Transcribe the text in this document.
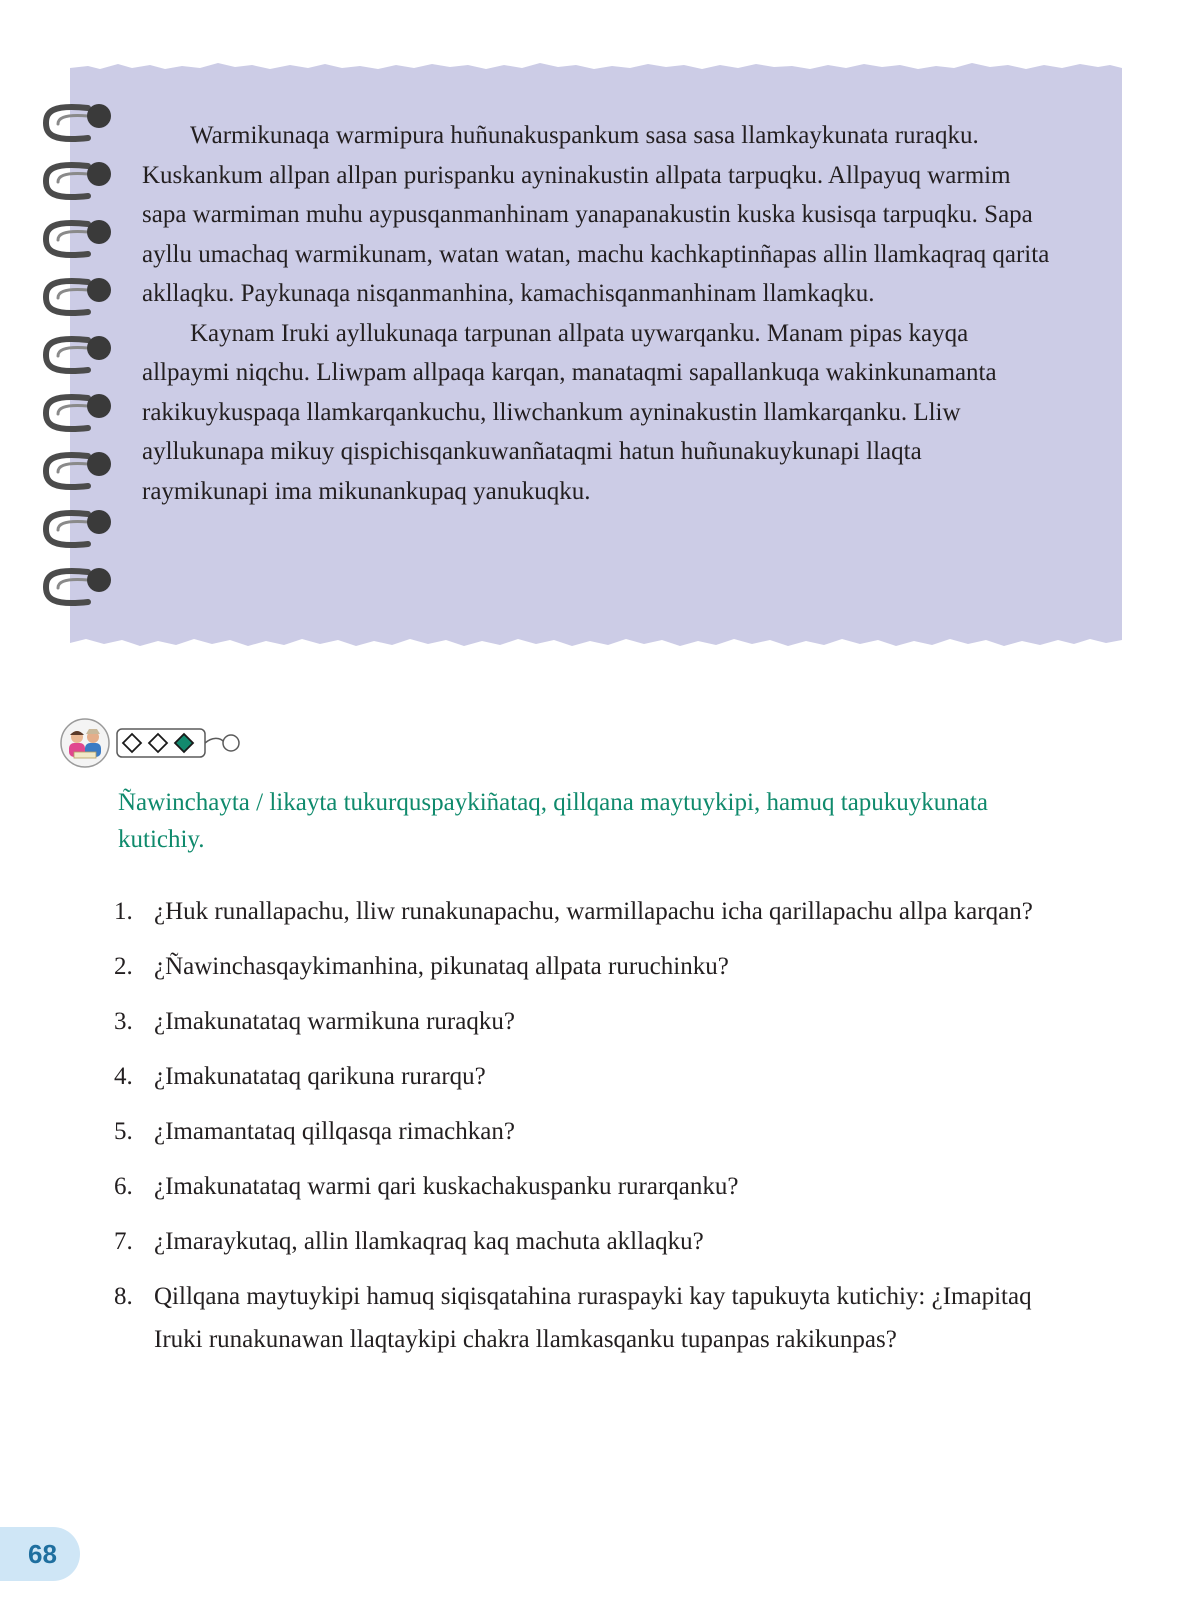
Warmikunaqa warmipura huñunakuspankum sasa sasa llamkaykunata ruraqku. Kuskankum allpan allpan purispanku ayninakustin allpata tarpuqku. Allpayuq warmim sapa warmiman muhu aypusqanmanhinam yanapanakustin kuska kusisqa tarpuqku. Sapa ayllu umachaq warmikunam, watan watan, machu kachkaptinñapas allin llamkaqraq qarita akllaqku. Paykunaqa nisqanmanhina, kamachisqanmanhinam llamkaqku.

Kaynam Iruki ayllukunaqa tarpunan allpata uywarqanku. Manam pipas kayqa allpaymi niqchu. Lliwpam allpaqa karqan, manataqmi sapallankuqa wakinkunamanta rakikuykuspaqa llamkarqankuchu, lliwchankum ayninakustin llamkarqanku. Lliw ayllukunapa mikuy qispichisqankuwanñataqmi hatun huñunakuykunapi llaqta raymikunapi ima mikunankupaq yanukuqku.

Ñawinchayta / likayta tukurquspaykiñataq, qillqana maytuykipi, hamuq tapukuykunata kutichiy.

1. ¿Huk runallapachu, lliw runakunapachu, warmillapachu icha qarillapachu allpa karqan?
2. ¿Ñawinchasqaykimanhina, pikunataq allpata ruruchinku?
3. ¿Imakunatataq warmikuna ruraqku?
4. ¿Imakunatataq qarikuna rurarqu?
5. ¿Imamantataq qillqasqa rimachkan?
6. ¿Imakunatataq warmi qari kuskachakuspanku rurarqanku?
7. ¿Imaraykutaq, allin llamkaqraq kaq machuta akllaqku?
8. Qillqana maytuykipi hamuq siqisqatahina ruraspayki kay tapukuyta kutichiy: ¿Imapitaq Iruki runakunawan llaqtaykipi chakra llamkasqanku tupanpas rakikunpas?
68
